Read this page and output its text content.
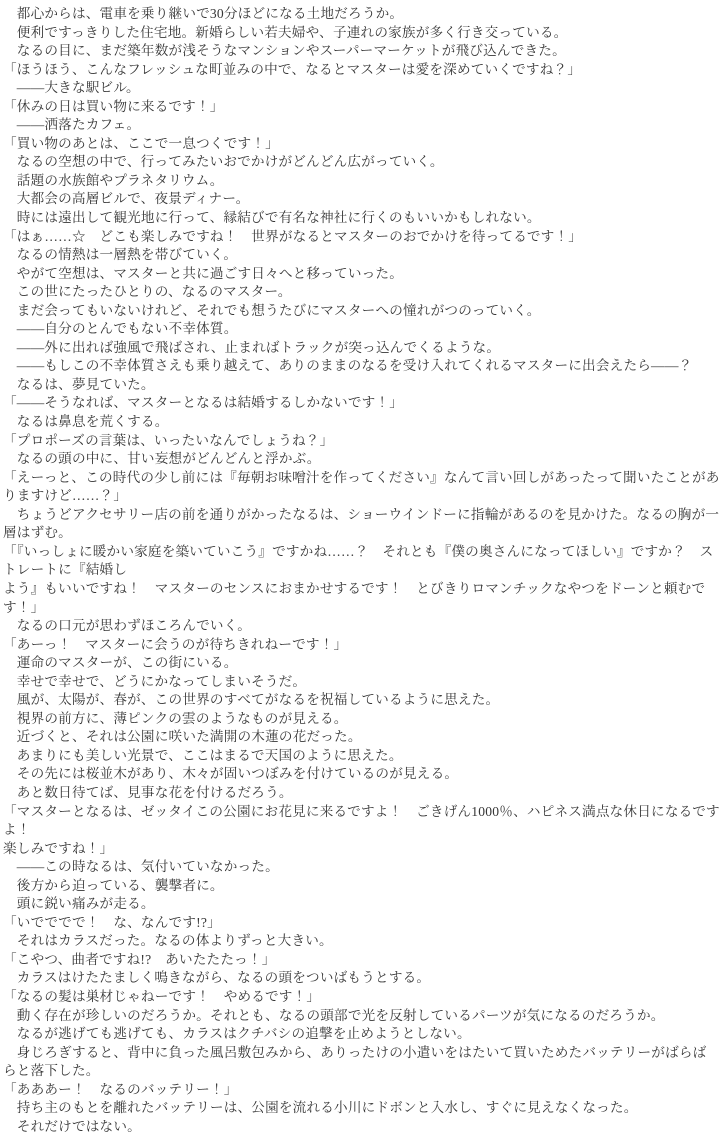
　都心からは、電車を乗り継いで30分ほどになる土地だろうか。
　便利ですっきりした住宅地。新婚らしい若夫婦や、子連れの家族が多く行き交っている。
　なるの目に、まだ築年数が浅そうなマンションやスーパーマーケットが飛び込んできた。
「ほうほう、こんなフレッシュな町並みの中で、なるとマスターは愛を深めていくですね？」
　——大きな駅ビル。
「休みの日は買い物に来るです！」
　——洒落たカフェ。
「買い物のあとは、ここで一息つくです！」
　なるの空想の中で、行ってみたいおでかけがどんどん広がっていく。
　話題の水族館やプラネタリウム。
　大都会の高層ビルで、夜景ディナー。
　時には遠出して観光地に行って、縁結びで有名な神社に行くのもいいかもしれない。
「はぁ……☆　どこも楽しみですね！　世界がなるとマスターのおでかけを待ってるです！」
　なるの情熱は一層熱を帯びていく。
　やがて空想は、マスターと共に過ごす日々へと移っていった。
　この世にたったひとりの、なるのマスター。
　まだ会ってもいないけれど、それでも想うたびにマスターへの憧れがつのっていく。
　——自分のとんでもない不幸体質。
　——外に出れば強風で飛ばされ、止まればトラックが突っ込んでくるような。
　——もしこの不幸体質さえも乗り越えて、ありのままのなるを受け入れてくれるマスターに出会えたら——？
　なるは、夢見ていた。
「——そうなれば、マスターとなるは結婚するしかないです！」
　なるは鼻息を荒くする。
「プロポーズの言葉は、いったいなんでしょうね？」
　なるの頭の中に、甘い妄想がどんどんと浮かぶ。
「えーっと、この時代の少し前には『毎朝お味噌汁を作ってください』なんて言い回しがあったって聞いたことがありますけど……？」
　ちょうどアクセサリー店の前を通りがかったなるは、ショーウインドーに指輪があるのを見かけた。なるの胸が一層はずむ。
「『いっしょに暖かい家庭を築いていこう』ですかね……？　それとも『僕の奥さんになってほしい』ですか？　ストレートに『結婚し
よう』もいいですね！　マスターのセンスにおまかせするです！　とびきりロマンチックなやつをドーンと頼むです！」
　なるの口元が思わずほころんでいく。
「あーっ！　マスターに会うのが待ちきれねーです！」
　運命のマスターが、この街にいる。
　幸せで幸せで、どうにかなってしまいそうだ。
　風が、太陽が、春が、この世界のすべてがなるを祝福しているように思えた。
　視界の前方に、薄ピンクの雲のようなものが見える。
　近づくと、それは公園に咲いた満開の木蓮の花だった。
　あまりにも美しい光景で、ここはまるで天国のように思えた。
　その先には桜並木があり、木々が固いつぼみを付けているのが見える。
　あと数日待てば、見事な花を付けるだろう。
「マスターとなるは、ゼッタイこの公園にお花見に来るですよ！　ごきげん1000％、ハピネス満点な休日になるですよ！
楽しみですね！」
　——この時なるは、気付いていなかった。
　後方から迫っている、襲撃者に。
　頭に鋭い痛みが走る。
「いでででで！　な、なんです!?」
　それはカラスだった。なるの体よりずっと大きい。
「こやつ、曲者ですね!?　あいたたたっ！」
　カラスはけたたましく鳴きながら、なるの頭をついばもうとする。
「なるの髪は巣材じゃねーです！　やめるです！」
　動く存在が珍しいのだろうか。それとも、なるの頭部で光を反射しているパーツが気になるのだろうか。
　なるが逃げても逃げても、カラスはクチバシの追撃を止めようとしない。
　身じろぎすると、背中に負った風呂敷包みから、ありったけの小遣いをはたいて買いためたバッテリーがばらばらと落下した。
「あああー！　なるのバッテリー！」
　持ち主のもとを離れたバッテリーは、公園を流れる小川にドボンと入水し、すぐに見えなくなった。
　それだけではない。
